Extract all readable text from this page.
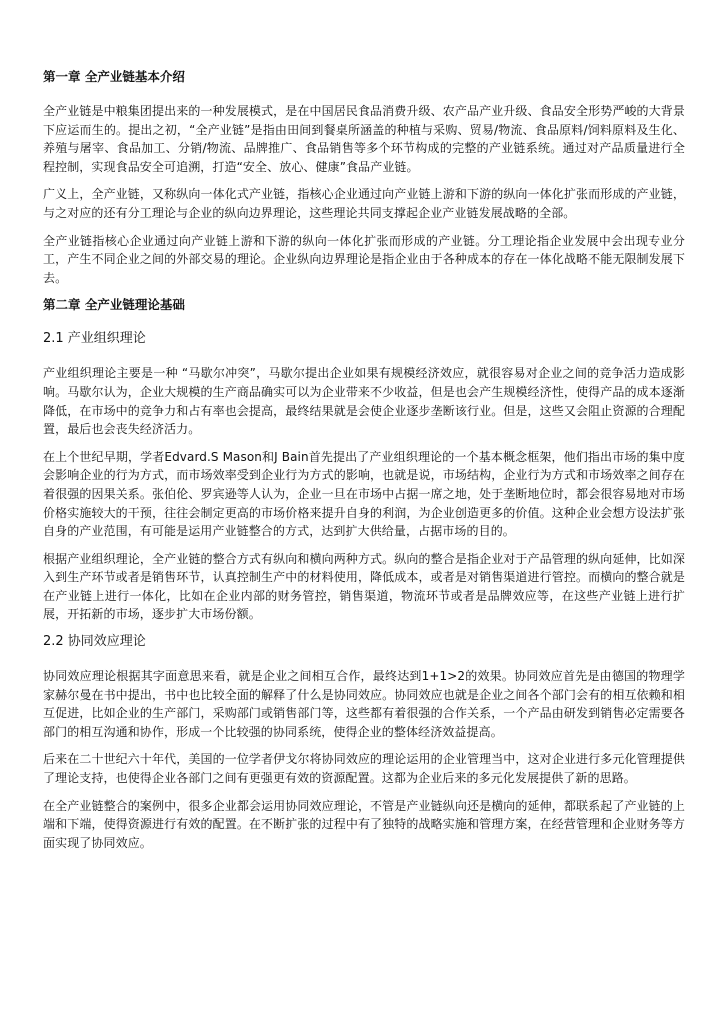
第一章 全产业链基本介绍

全产业链是中粮集团提出来的一种发展模式，是在中国居民食品消费升级、农产品产业升级、食品安全形势严峻的大背景下应运而生的。提出之初，“全产业链”是指由田间到餐桌所涵盖的种植与采购、贸易/物流、食品原料/饲料原料及生化、养殖与屠宰、食品加工、分销/物流、品牌推广、食品销售等多个环节构成的完整的产业链系统。通过对产品质量进行全程控制，实现食品安全可追溯，打造“安全、放心、健康”食品产业链。

广义上，全产业链，又称纵向一体化式产业链，指核心企业通过向产业链上游和下游的纵向一体化扩张而形成的产业链，与之对应的还有分工理论与企业的纵向边界理论，这些理论共同支撑起企业产业链发展战略的全部。

全产业链指核心企业通过向产业链上游和下游的纵向一体化扩张而形成的产业链。分工理论指企业发展中会出现专业分工，产生不同企业之间的外部交易的理论。企业纵向边界理论是指企业由于各种成本的存在一体化战略不能无限制发展下去。

第二章 全产业链理论基础
2.1 产业组织理论

产业组织理论主要是一种 “马歇尔冲突”，马歇尔提出企业如果有规模经济效应，就很容易对企业之间的竞争活力造成影响。马歇尔认为，企业大规模的生产商品确实可以为企业带来不少收益，但是也会产生规模经济性，使得产品的成本逐渐降低，在市场中的竞争力和占有率也会提高，最终结果就是会使企业逐步垄断该行业。但是，这些又会阻止资源的合理配置，最后也会丧失经济活力。

在上个世纪早期，学者Edvard.S Mason和J Bain首先提出了产业组织理论的一个基本概念框架，他们指出市场的集中度会影响企业的行为方式，而市场效率受到企业行为方式的影响，也就是说，市场结构，企业行为方式和市场效率之间存在着很强的因果关系。张伯伦、罗宾逊等人认为，企业一旦在市场中占据一席之地，处于垄断地位时，都会很容易地对市场价格实施较大的干预，往往会制定更高的市场价格来提升自身的利润，为企业创造更多的价值。这种企业会想方设法扩张自身的产业范围，有可能是运用产业链整合的方式，达到扩大供给量，占据市场的目的。

根据产业组织理论，全产业链的整合方式有纵向和横向两种方式。纵向的整合是指企业对于产品管理的纵向延伸，比如深入到生产环节或者是销售环节，认真控制生产中的材料使用，降低成本，或者是对销售渠道进行管控。而横向的整合就是在产业链上进行一体化，比如在企业内部的财务管控，销售渠道，物流环节或者是品牌效应等，在这些产业链上进行扩展，开拓新的市场，逐步扩大市场份额。

2.2 协同效应理论

协同效应理论根据其字面意思来看，就是企业之间相互合作，最终达到1+1>2的效果。协同效应首先是由德国的物理学家赫尔曼在书中提出，书中也比较全面的解释了什么是协同效应。协同效应也就是企业之间各个部门会有的相互依赖和相互促进，比如企业的生产部门，采购部门或销售部门等，这些都有着很强的合作关系，一个产品由研发到销售必定需要各部门的相互沟通和协作，形成一个比较强的协同系统，使得企业的整体经济效益提高。

后来在二十世纪六十年代，美国的一位学者伊戈尔将协同效应的理论运用的企业管理当中，这对企业进行多元化管理提供了理论支持，也使得企业各部门之间有更强更有效的资源配置。这都为企业后来的多元化发展提供了新的思路。

在全产业链整合的案例中，很多企业都会运用协同效应理论，不管是产业链纵向还是横向的延伸，都联系起了产业链的上端和下端，使得资源进行有效的配置。在不断扩张的过程中有了独特的战略实施和管理方案，在经营管理和企业财务等方面实现了协同效应。
